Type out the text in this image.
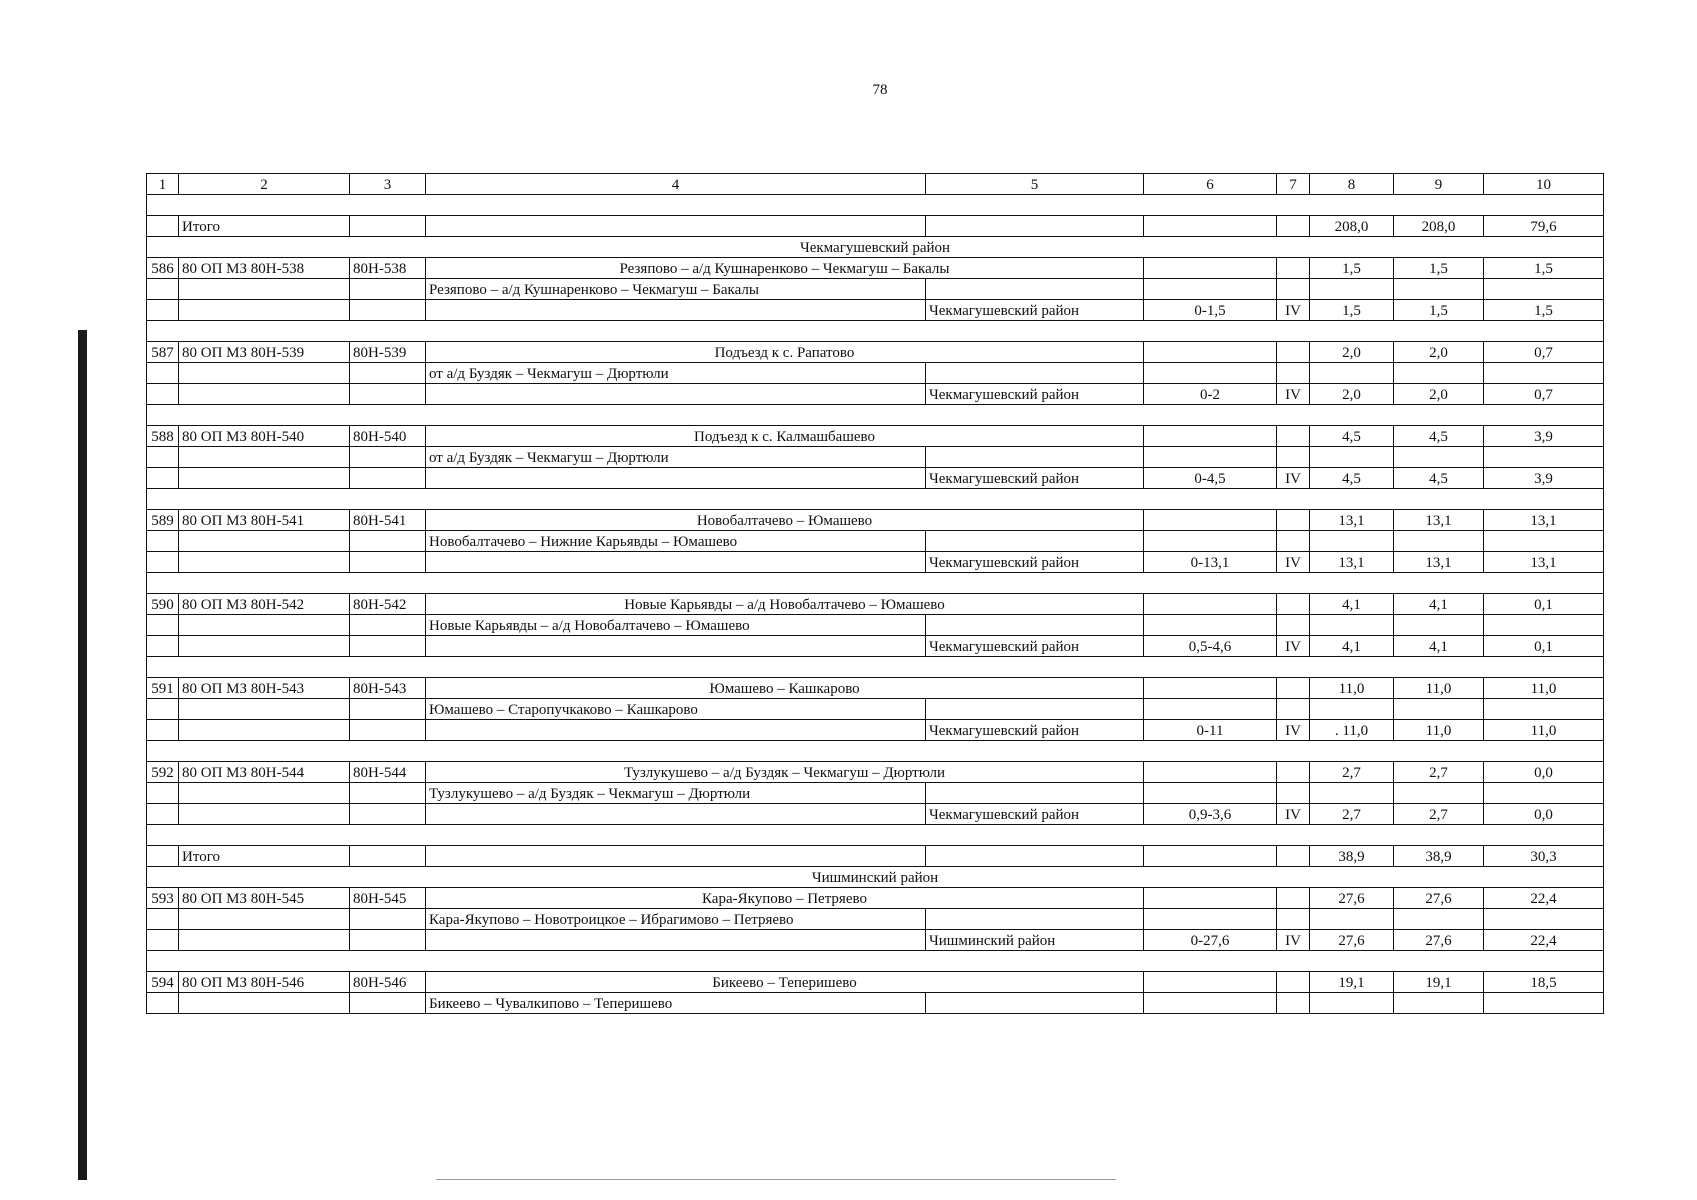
78
1	2	3	4	5	6	7	8	9	10

	Итого						208,0	208,0	79,6
Чекмагушевский район									
586	80 ОП МЗ 80Н-538	80Н-538	Резяпово – а/д Кушнаренково – Чекмагуш – Бакалы				1,5	1,5	1,5
			Резяпово – а/д Кушнаренково – Чекмагуш – Бакалы						
				Чекмагушевский район	0-1,5	IV	1,5	1,5	1,5

587	80 ОП МЗ 80Н-539	80Н-539	Подъезд к с. Рапатово				2,0	2,0	0,7
			от а/д Буздяк – Чекмагуш – Дюртюли						
				Чекмагушевский район	0-2	IV	2,0	2,0	0,7

588	80 ОП МЗ 80Н-540	80Н-540	Подъезд к с. Калмашбашево				4,5	4,5	3,9
			от а/д Буздяк – Чекмагуш – Дюртюли						
				Чекмагушевский район	0-4,5	IV	4,5	4,5	3,9

589	80 ОП МЗ 80Н-541	80Н-541	Новобалтачево – Юмашево				13,1	13,1	13,1
			Новобалтачево – Нижние Карьявды – Юмашево						
				Чекмагушевский район	0-13,1	IV	13,1	13,1	13,1

590	80 ОП МЗ 80Н-542	80Н-542	Новые Карьявды – а/д Новобалтачево – Юмашево				4,1	4,1	0,1
			Новые Карьявды – а/д Новобалтачево – Юмашево						
				Чекмагушевский район	0,5-4,6	IV	4,1	4,1	0,1

591	80 ОП МЗ 80Н-543	80Н-543	Юмашево – Кашкарово				11,0	11,0	11,0
			Юмашево – Старопучкаково – Кашкарово						
				Чекмагушевский район	0-11	IV	. 11,0	11,0	11,0

592	80 ОП МЗ 80Н-544	80Н-544	Тузлукушево – а/д Буздяк – Чекмагуш – Дюртюли				2,7	2,7	0,0
			Тузлукушево – а/д Буздяк – Чекмагуш – Дюртюли						
				Чекмагушевский район	0,9-3,6	IV	2,7	2,7	0,0

	Итого						38,9	38,9	30,3
Чишминский район									
593	80 ОП МЗ 80Н-545	80Н-545	Кара-Якупово – Петряево				27,6	27,6	22,4
			Кара-Якупово – Новотроицкое – Ибрагимово – Петряево						
				Чишминский район	0-27,6	IV	27,6	27,6	22,4

594	80 ОП МЗ 80Н-546	80Н-546	Бикеево – Теперишево				19,1	19,1	18,5
			Бикеево – Чувалкипово – Теперишево						
